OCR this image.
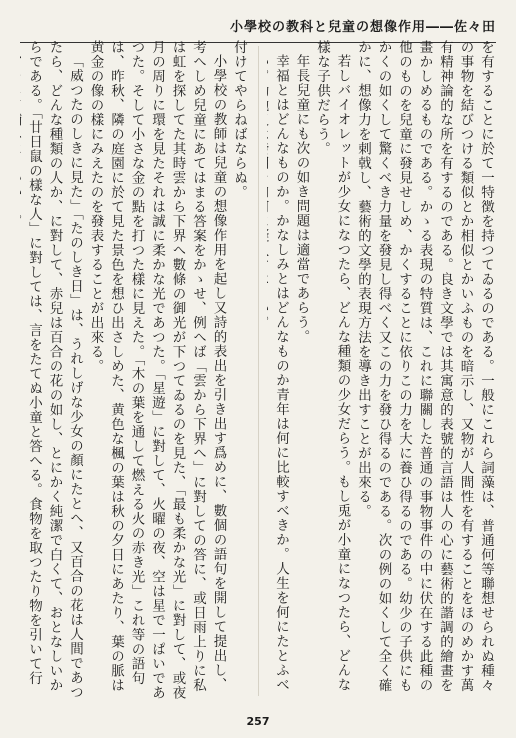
小學校の教科と兒童の想像作用――佐々田

を有することに於て一特徴を持つてゐるのである。一般にこれら詞藻は、普通何等聯想せられぬ種々の事物を結びつける類似とか相似とかいふものを暗示し、又物が人間性を有することをほのめかす萬有精神論的な所を有するのである。良き文學では其寓意的表號的言語は人の心に藝術的諧調的繪畫を畫かしめるものである。かゝる表現の特質は、これに聯關した普通の事物事件の中に伏在する此種の他のものを兒童に發見せしめ、かくすることに依りこの力を大に養ひ得るのである。幼少の子供にもかくの如くして驚くべき力量を發見し得べく又この力を發ひ得るのである。次の例の如くして全く確かに、想像力を刺戟し、藝術的文學的表現方法を導き出すことが出來る。

若しバイオレットが少女になつたら、どんな種類の少女だらう。もし兎が小童になつたら、どんな樣な子供だらう。

年長兒童にも次の如き問題は適當であらう。

幸福とはどんなものか。かなしみとはどんなものか青年は何に比較すべきか。人生を何にたとふべ

付けてやらねばならぬ。

小學校の教師は兒童の想像作用を起し又詩的表出を引き出す爲めに、數個の語句を開して提出し、考へしめ兒童にあてはまる答案をかゝせ、例へば「雲から下界へ」に對しての答に、或日雨上りに私は虹を探してた其時雲から下界へ數條の御光が下つてゐるのを見た、「最も柔かな光」に對して、或夜月の周りに環を見たそれは誠に柔かな光であつた。「星遊」に對して、火曜の夜、空は星で一ぱいであつた。そして小さな金の點を打つた樣に見えた。「木の葉を通して燃える火の赤き光」これ等の語句は、昨秋、隣の庭園に於て見た景色を想ひ出さしめた、黄色な楓の葉は秋の夕日にあたり、葉の脈は黄金の像の樣にみえたのを發表することが出來る。

「威つたのしきに見た」「たのしき日」は、うれしげな少女の顏にたとへ、又百合の花は人間であつたら、どんな種類の人か、に對して、赤兒は百合の花の如し、とにかく純潔で白くて、おとなしいからである。「廿日鼠の樣な人」に對しては、言をたてぬ小童と答へる。食物を取つたり物を引いて行

257
